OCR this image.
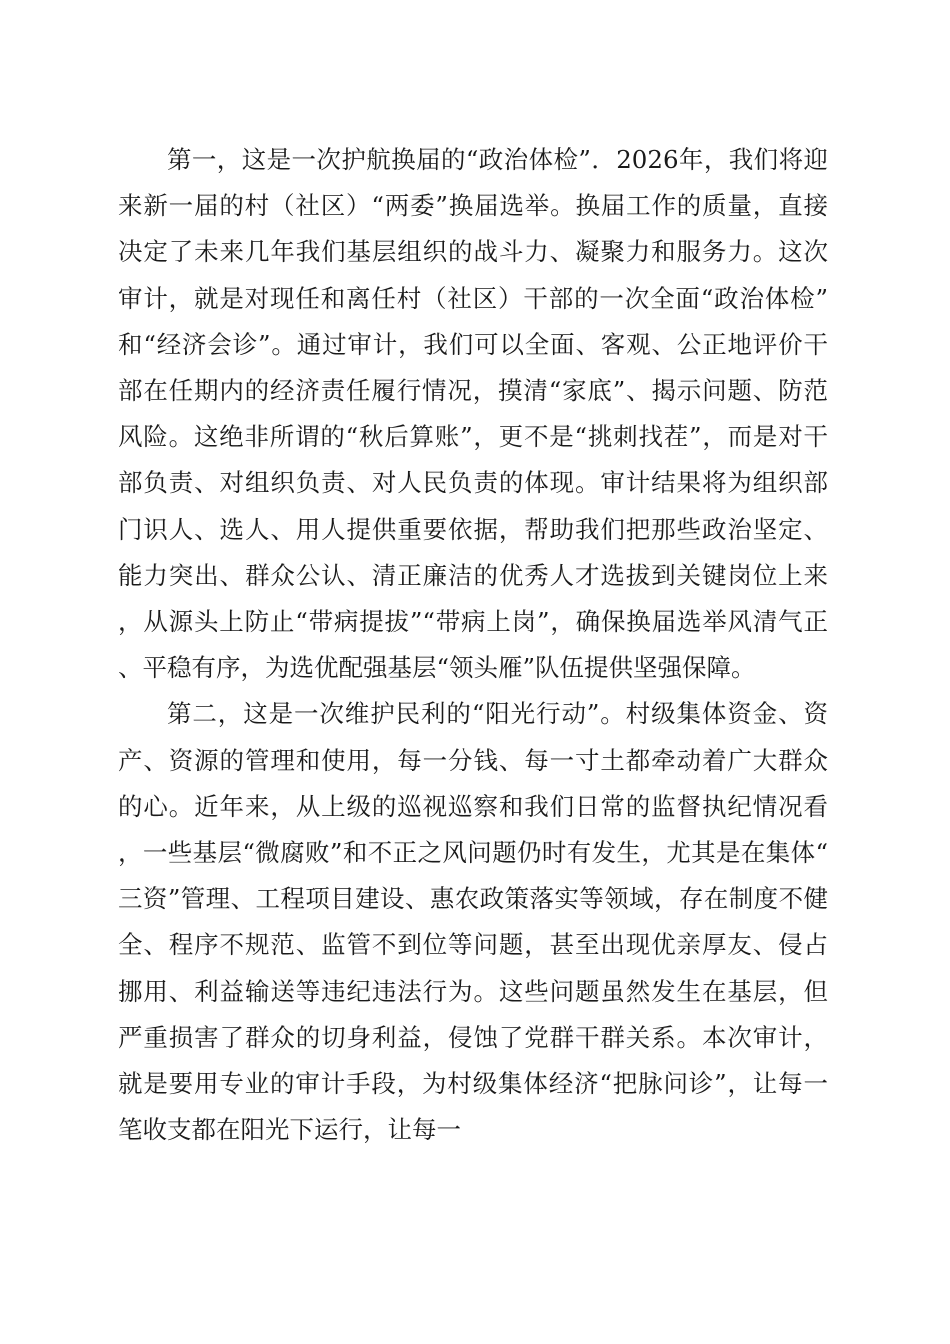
第一，这是一次护航换届的“政治体检”．2026年，我们将迎来新一届的村（社区）“两委”换届选举。换届工作的质量，直接决定了未来几年我们基层组织的战斗力、凝聚力和服务力。这次审计，就是对现任和离任村（社区）干部的一次全面“政治体检”和“经济会诊”。通过审计，我们可以全面、客观、公正地评价干部在任期内的经济责任履行情况，摸清“家底”、揭示问题、防范风险。这绝非所谓的“秋后算账”，更不是“挑刺找茬”，而是对干部负责、对组织负责、对人民负责的体现。审计结果将为组织部门识人、选人、用人提供重要依据，帮助我们把那些政治坚定、能力突出、群众公认、清正廉洁的优秀人才选拔到关键岗位上来，从源头上防止“带病提拔”“带病上岗”，确保换届选举风清气正、平稳有序，为选优配强基层“领头雁”队伍提供坚强保障。

第二，这是一次维护民利的“阳光行动”。村级集体资金、资产、资源的管理和使用，每一分钱、每一寸土都牵动着广大群众的心。近年来，从上级的巡视巡察和我们日常的监督执纪情况看，一些基层“微腐败”和不正之风问题仍时有发生，尤其是在集体“三资”管理、工程项目建设、惠农政策落实等领域，存在制度不健全、程序不规范、监管不到位等问题，甚至出现优亲厚友、侵占挪用、利益输送等违纪违法行为。这些问题虽然发生在基层，但严重损害了群众的切身利益，侵蚀了党群干群关系。本次审计，就是要用专业的审计手段，为村级集体经济“把脉问诊”，让每一笔收支都在阳光下运行，让每一
